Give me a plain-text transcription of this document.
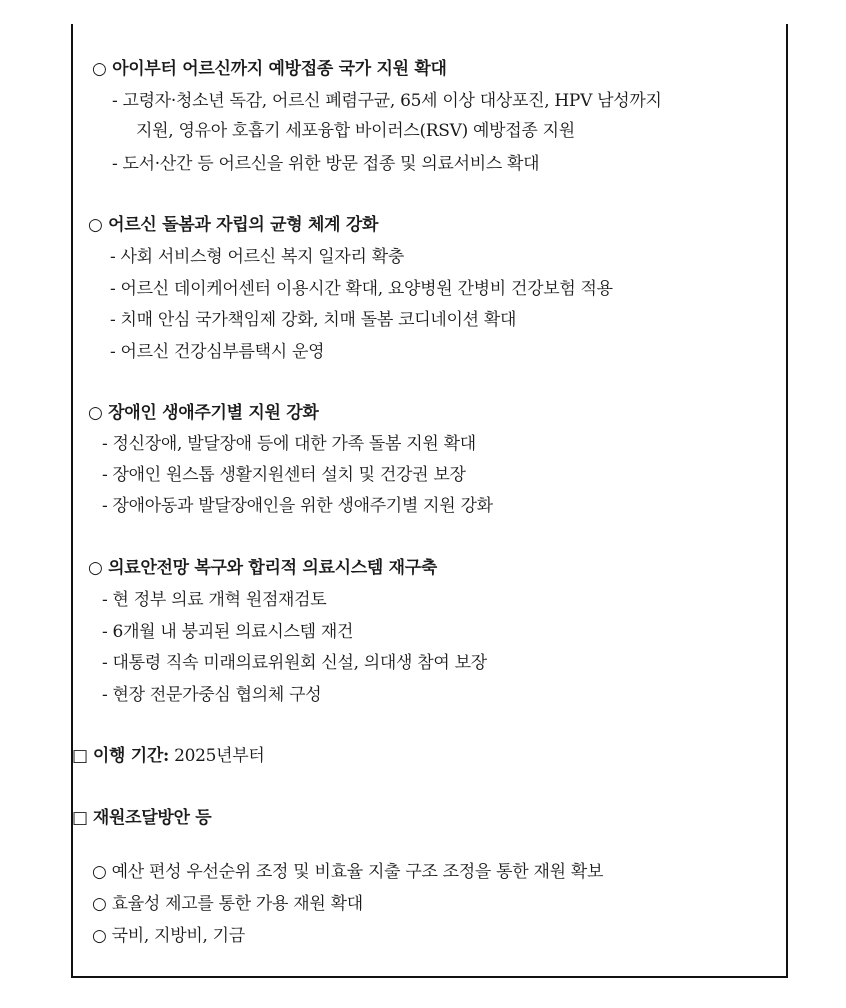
○ 아이부터 어르신까지 예방접종 국가 지원 확대
- 고령자·청소년 독감, 어르신 폐렴구균, 65세 이상 대상포진, HPV 남성까지
지원, 영유아 호흡기 세포융합 바이러스(RSV) 예방접종 지원
- 도서·산간 등 어르신을 위한 방문 접종 및 의료서비스 확대
○ 어르신 돌봄과 자립의 균형 체계 강화
- 사회 서비스형 어르신 복지 일자리 확충
- 어르신 데이케어센터 이용시간 확대, 요양병원 간병비 건강보험 적용
- 치매 안심 국가책임제 강화, 치매 돌봄 코디네이션 확대
- 어르신 건강심부름택시 운영
○ 장애인 생애주기별 지원 강화
- 정신장애, 발달장애 등에 대한 가족 돌봄 지원 확대
- 장애인 원스톱 생활지원센터 설치 및 건강권 보장
- 장애아동과 발달장애인을 위한 생애주기별 지원 강화
○ 의료안전망 복구와 합리적 의료시스템 재구축
- 현 정부 의료 개혁 원점재검토
- 6개월 내 붕괴된 의료시스템 재건
- 대통령 직속 미래의료위원회 신설, 의대생 참여 보장
- 현장 전문가중심 협의체 구성
□ 이행 기간: 2025년부터
□ 재원조달방안 등
○ 예산 편성 우선순위 조정 및 비효율 지출 구조 조정을 통한 재원 확보
○ 효율성 제고를 통한 가용 재원 확대
○ 국비, 지방비, 기금
